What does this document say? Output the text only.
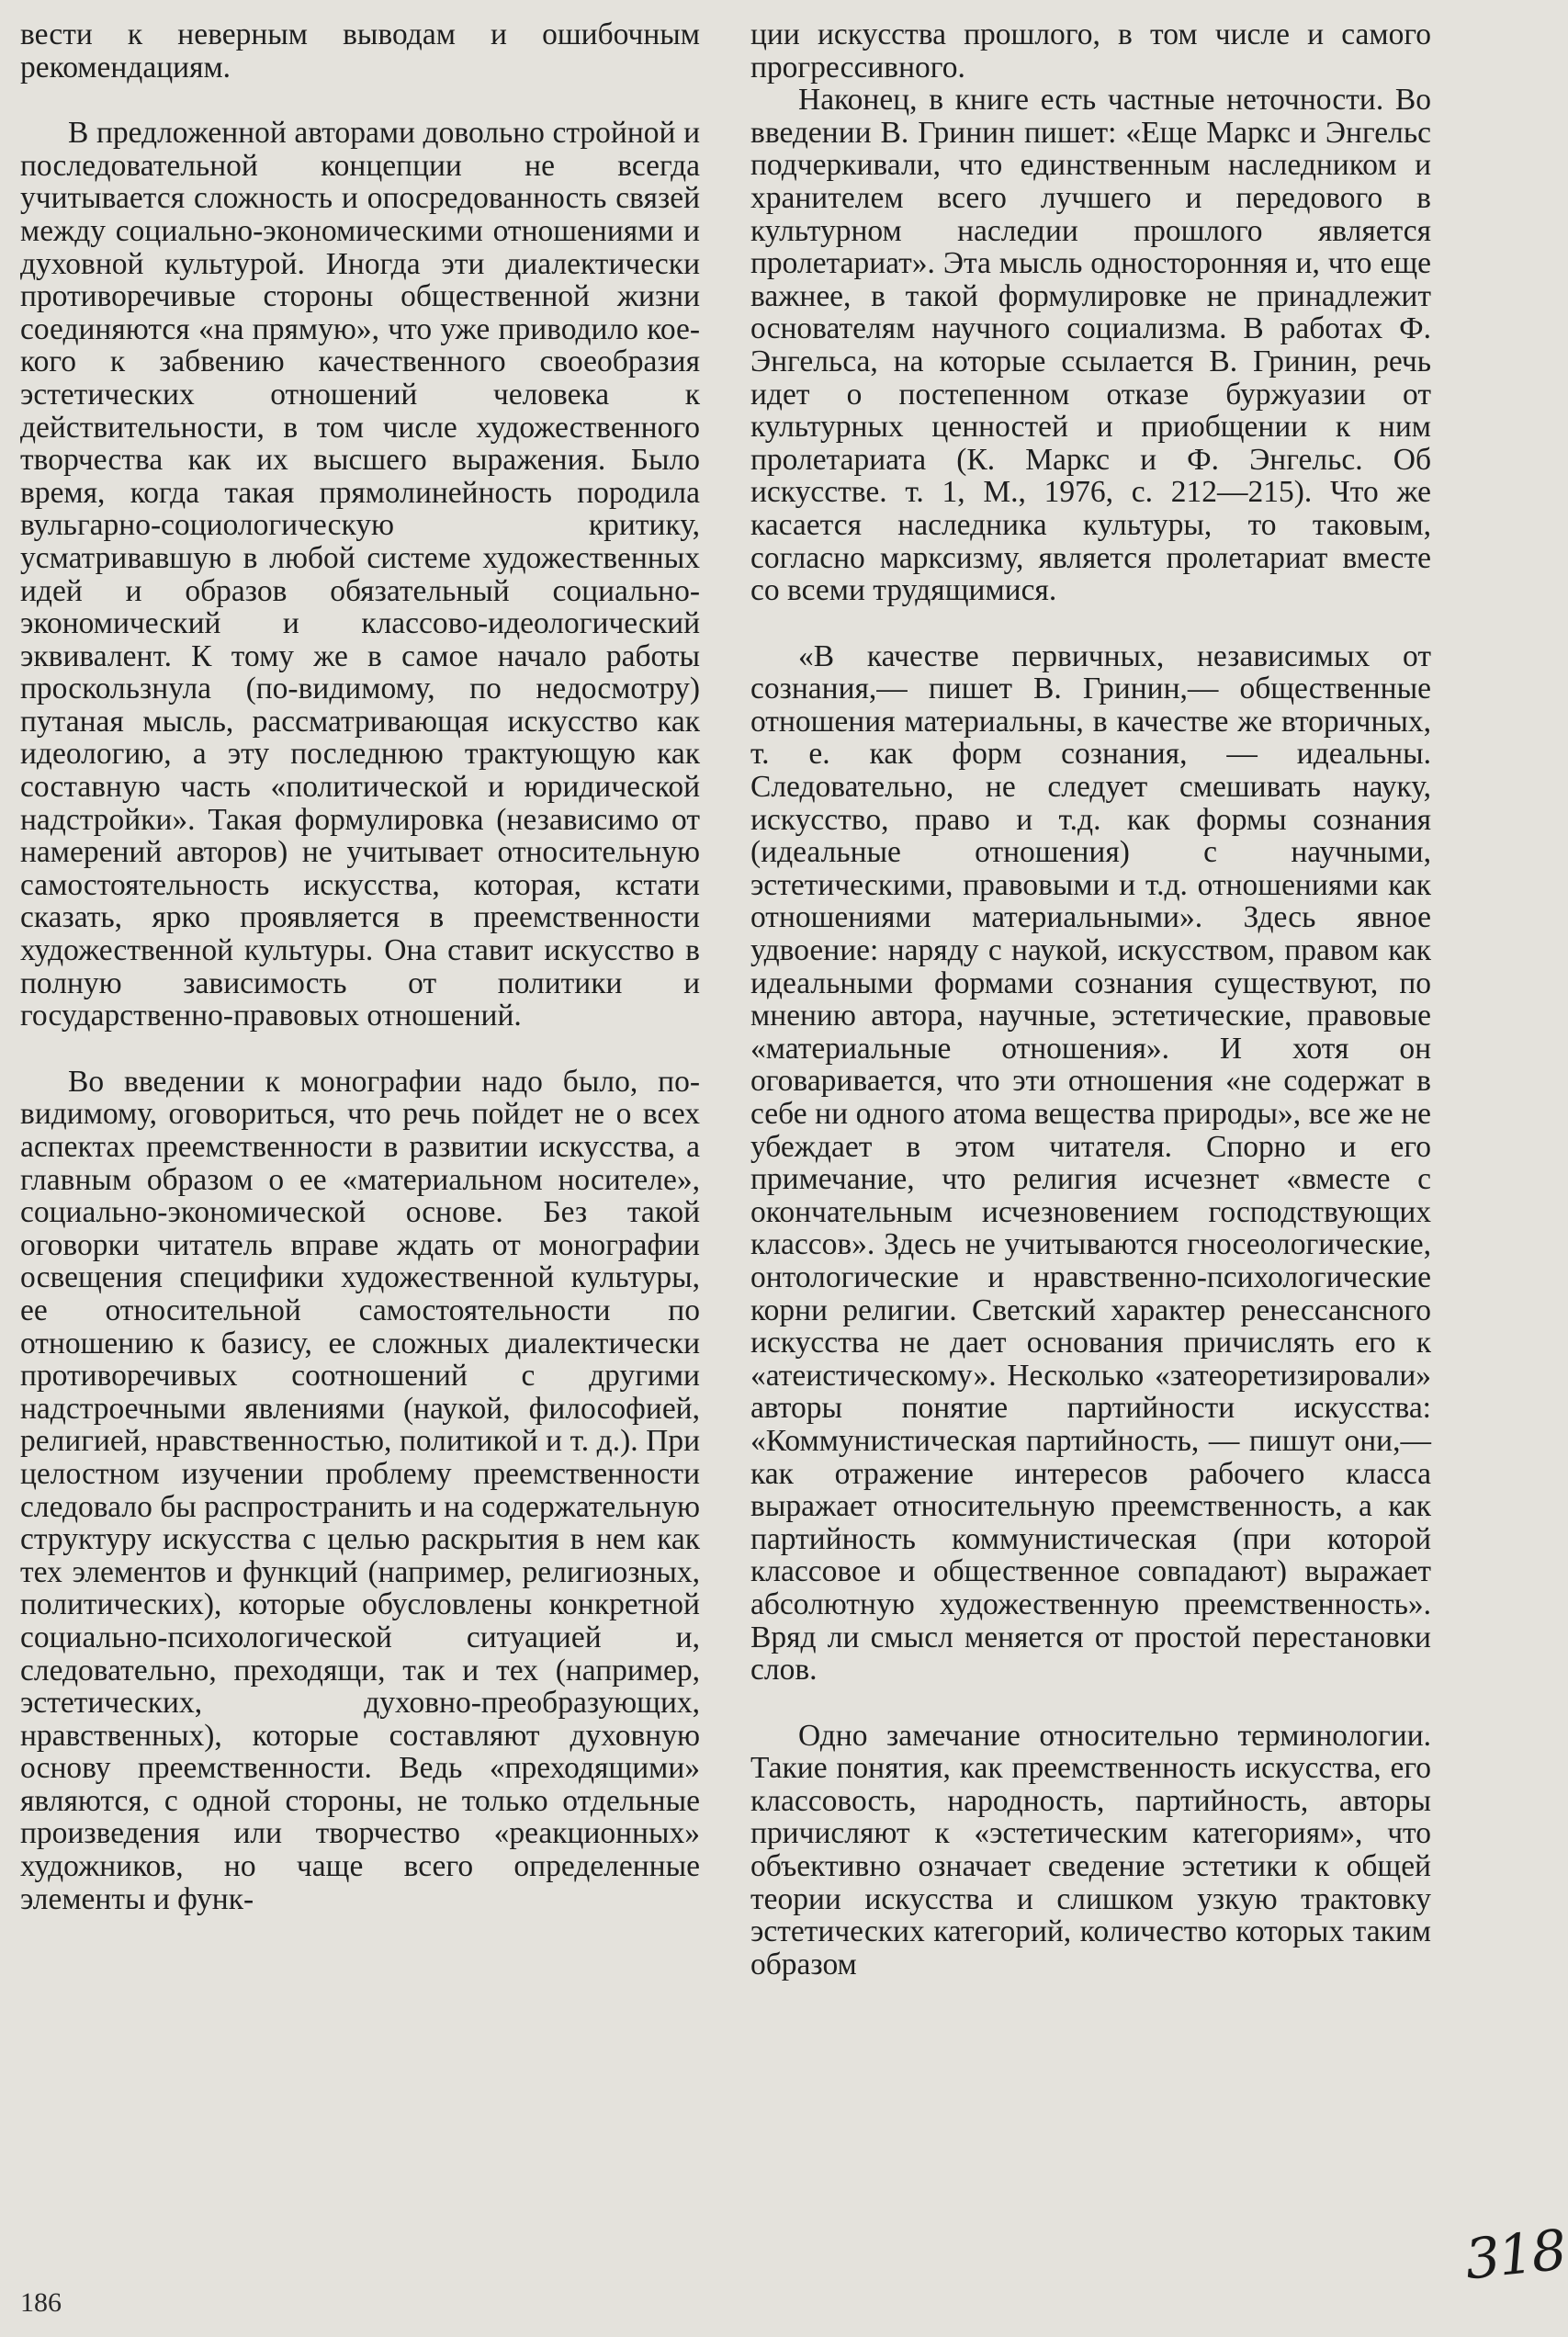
вести к неверным выводам и ошибочным рекомендациям.

В предложенной авторами довольно стройной и последовательной концепции не всегда учитывается сложность и опосредованность связей между социально-экономическими отношениями и духовной культурой. Иногда эти диалектически противоречивые стороны общественной жизни соединяются «на прямую», что уже приводило кое-кого к забвению качественного своеобразия эстетических отношений человека к действительности, в том числе художественного творчества как их высшего выражения. Было время, когда такая прямолинейность породила вульгарно-социологическую критику, усматривавшую в любой системе художественных идей и образов обязательный социально-экономический и классово-идеологический эквивалент. К тому же в самое начало работы проскользнула (по-видимому, по недосмотру) путаная мысль, рассматривающая искусство как идеологию, а эту последнюю трактующую как составную часть «политической и юридической надстройки». Такая формулировка (независимо от намерений авторов) не учитывает относительную самостоятельность искусства, которая, кстати сказать, ярко проявляется в преемственности художественной культуры. Она ставит искусство в полную зависимость от политики и государственно-правовых отношений.

Во введении к монографии надо было, по-видимому, оговориться, что речь пойдет не о всех аспектах преемственности в развитии искусства, а главным образом о ее «материальном носителе», социально-экономической основе. Без такой оговорки читатель вправе ждать от монографии освещения специфики художественной культуры, ее относительной самостоятельности по отношению к базису, ее сложных диалектически противоречивых соотношений с другими надстроечными явлениями (наукой, философией, религией, нравственностью, политикой и т. д.). При целостном изучении проблему преемственности следовало бы распространить и на содержательную структуру искусства с целью раскрытия в нем как тех элементов и функций (например, религиозных, политических), которые обусловлены конкретной социально-психологической ситуацией и, следовательно, преходящи, так и тех (например, эстетических, духовно-преобразующих, нравственных), которые составляют духовную основу преемственности. Ведь «преходящими» являются, с одной стороны, не только отдельные произведения или творчество «реакционных» художников, но чаще всего определенные элементы и функ-

ции искусства прошлого, в том числе и самого прогрессивного.

Наконец, в книге есть частные неточности. Во введении В. Гринин пишет: «Еще Маркс и Энгельс подчеркивали, что единственным наследником и хранителем всего лучшего и передового в культурном наследии прошлого является пролетариат». Эта мысль односторонняя и, что еще важнее, в такой формулировке не принадлежит основателям научного социализма. В работах Ф. Энгельса, на которые ссылается В. Гринин, речь идет о постепенном отказе буржуазии от культурных ценностей и приобщении к ним пролетариата (К. Маркс и Ф. Энгельс. Об искусстве. т. 1, М., 1976, с. 212—215). Что же касается наследника культуры, то таковым, согласно марксизму, является пролетариат вместе со всеми трудящимися.

«В качестве первичных, независимых от сознания,— пишет В. Гринин,— общественные отношения материальны, в качестве же вторичных, т. е. как форм сознания, — идеальны. Следовательно, не следует смешивать науку, искусство, право и т.д. как формы сознания (идеальные отношения) с научными, эстетическими, правовыми и т.д. отношениями как отношениями материальными». Здесь явное удвоение: наряду с наукой, искусством, правом как идеальными формами сознания существуют, по мнению автора, научные, эстетические, правовые «материальные отношения». И хотя он оговаривается, что эти отношения «не содержат в себе ни одного атома вещества природы», все же не убеждает в этом читателя. Спорно и его примечание, что религия исчезнет «вместе с окончательным исчезновением господствующих классов». Здесь не учитываются гносеологические, онтологические и нравственно-психологические корни религии. Светский характер ренессансного искусства не дает основания причислять его к «атеистическому». Несколько «затеоретизировали» авторы понятие партийности искусства: «Коммунистическая партийность, — пишут они,— как отражение интересов рабочего класса выражает относительную преемственность, а как партийность коммунистическая (при которой классовое и общественное совпадают) выражает абсолютную художественную преемственность». Вряд ли смысл меняется от простой перестановки слов.

Одно замечание относительно терминологии. Такие понятия, как преемственность искусства, его классовость, народность, партийность, авторы причисляют к «эстетическим категориям», что объективно означает сведение эстетики к общей теории искусства и слишком узкую трактовку эстетических категорий, количество которых таким образом

186
318
